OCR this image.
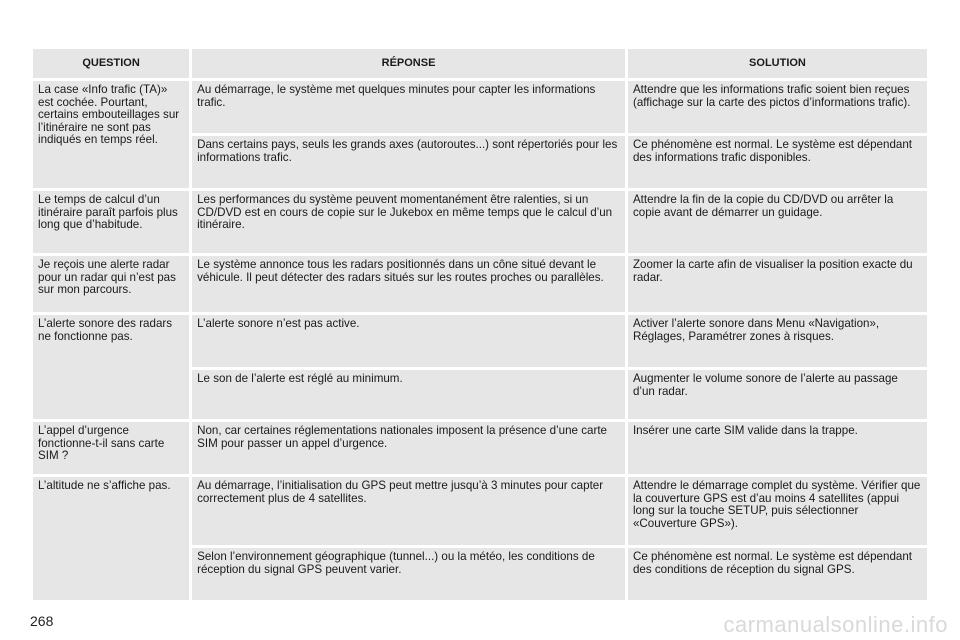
QUESTION	RÉPONSE	SOLUTION
La case «Info trafic (TA)» est cochée. Pourtant, certains embouteillages sur l’itinéraire ne sont pas indiqués en temps réel.	Au démarrage, le système met quelques minutes pour capter les informations trafic.	Attendre que les informations trafic soient bien reçues (affichage sur la carte des pictos d’informations trafic).
	Dans certains pays, seuls les grands axes (autoroutes...) sont répertoriés pour les informations trafic.	Ce phénomène est normal. Le système est dépendant des informations trafic disponibles.
Le temps de calcul d’un itinéraire paraît parfois plus long que d’habitude.	Les performances du système peuvent momentanément être ralenties, si un CD/DVD est en cours de copie sur le Jukebox en même temps que le calcul d’un itinéraire.	Attendre la fin de la copie du CD/DVD ou arrêter la copie avant de démarrer un guidage.
Je reçois une alerte radar pour un radar qui n’est pas sur mon parcours.	Le système annonce tous les radars positionnés dans un cône situé devant le véhicule. Il peut détecter des radars situés sur les routes proches ou parallèles.	Zoomer la carte afin de visualiser la position exacte du radar.
L’alerte sonore des radars ne fonctionne pas.	L’alerte sonore n’est pas active.	Activer l’alerte sonore dans Menu «Navigation», Réglages, Paramétrer zones à risques.
	Le son de l’alerte est réglé au minimum.	Augmenter le volume sonore de l’alerte au passage d’un radar.
L’appel d’urgence fonctionne-t-il sans carte SIM ?	Non, car certaines réglementations nationales imposent la présence d’une carte SIM pour passer un appel d’urgence.	Insérer une carte SIM valide dans la trappe.
L’altitude ne s’affiche pas.	Au démarrage, l’initialisation du GPS peut mettre jusqu’à 3 minutes pour capter correctement plus de 4 satellites.	Attendre le démarrage complet du système. Vérifier que la couverture GPS est d’au moins 4 satellites (appui long sur la touche SETUP, puis sélectionner «Couverture GPS»).
	Selon l’environnement géographique (tunnel...) ou la météo, les conditions de réception du signal GPS peuvent varier.	Ce phénomène est normal. Le système est dépendant des conditions de réception du signal GPS.
268	carmanualsonline.info
